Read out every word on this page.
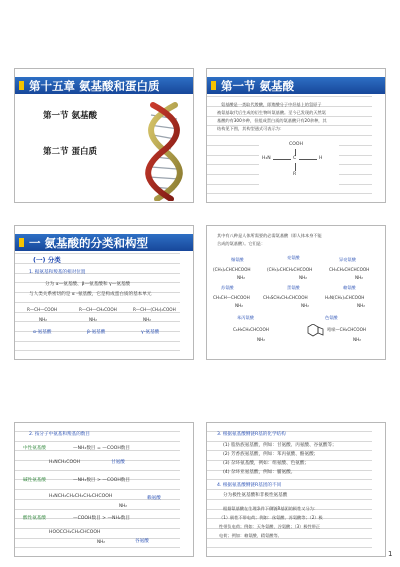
第十五章 氨基酸和蛋白质
第一节 氨基酸
第二节 蛋白质
第一节 氨基酸
氨基酸是一类取代羧酸，即羧酸分子中烃基上的氢原子
被氨基取代后生成的衍生物叫氨基酸。至今已发现的天然氨
基酸约有300多种，但组成蛋白质的氨基酸只有20余种，其
结构见下图，其构型通式可表示为：
COOH
H₂N	C	H
R
一 氨基酸的分类和构型
(一) 分类
1. 据氨基和羧基的相对位置
分为 α—氨基酸、β—氨基酸和 γ—氨基酸
与人类关系密切的是 α -氨基酸，它是构成蛋白质的基本单元
R—CH—COOH
NH₂
R—CH—CH₂COOH
NH₂
R—CH—(CH₂)₂COOH
NH₂
α-氨基酸	β-氨基酸	γ-氨基酸
其中有八种是人体所需要的必需氨基酸（即人体本身不能
合成的氨基酸）。它们是：
缬氨酸	亮氨酸	异亮氨酸
(CH₃)₂CHCHCOOH	(CH₃)₂CHCH₂CHCOOH	CH₃CH₂CHCHCOOH
NH₂	NH₂	NH₂
苏氨酸	蛋氨酸	赖氨酸
CH₃CH—CHCOOH	CH₃SCH₂CH₂CHCOOH	H₂N(CH₂)₄CHCOOH
NH₂	NH₂	NH₂
苯丙氨酸	色氨酸
C₆H₅CH₂CHCOOH
NH₂
吲哚—CH₂CHCOOH
NH₂
2. 按分子中氨基和羧基的数目
中性氨基酸	—NH₂数目 = —COOH数目
H₂NCH₂COOH	甘氨酸
碱性氨基酸	—NH₂数目 > —COOH数目
H₂NCH₂CH₂CH₂CH₂CHCOOH	赖氨酸
NH₂
酸性氨基酸	—COOH数目 > —NH₂数目
HOOCCH₂CH₂CHCOOH
NH₂	谷氨酸
3. 根据氨基酸侧链R基的化学结构
(1) 脂肪族氨基酸，例如：甘氨酸、丙氨酸、谷氨酸等；
(2) 芳香族氨基酸，例如：苯丙氨酸、酪氨酸；
(3) 杂环氨基酸，例如：组氨酸、色氨酸；
(4) 杂环亚氨基酸，例如：脯氨酸。
4. 根据氨基酸侧链R基团的不同
分为极性氨基酸和非极性氨基酸
根据氨基酸在生理条件下侧链R基团的极性又分为：
（1）极性不带电荷；例如：丝氨酸、苏氨酸等；（2）极
性带负电荷；例如：天冬氨酸、谷氨酸；（3）极性带正
电荷；例如：赖氨酸、精氨酸等。
1
